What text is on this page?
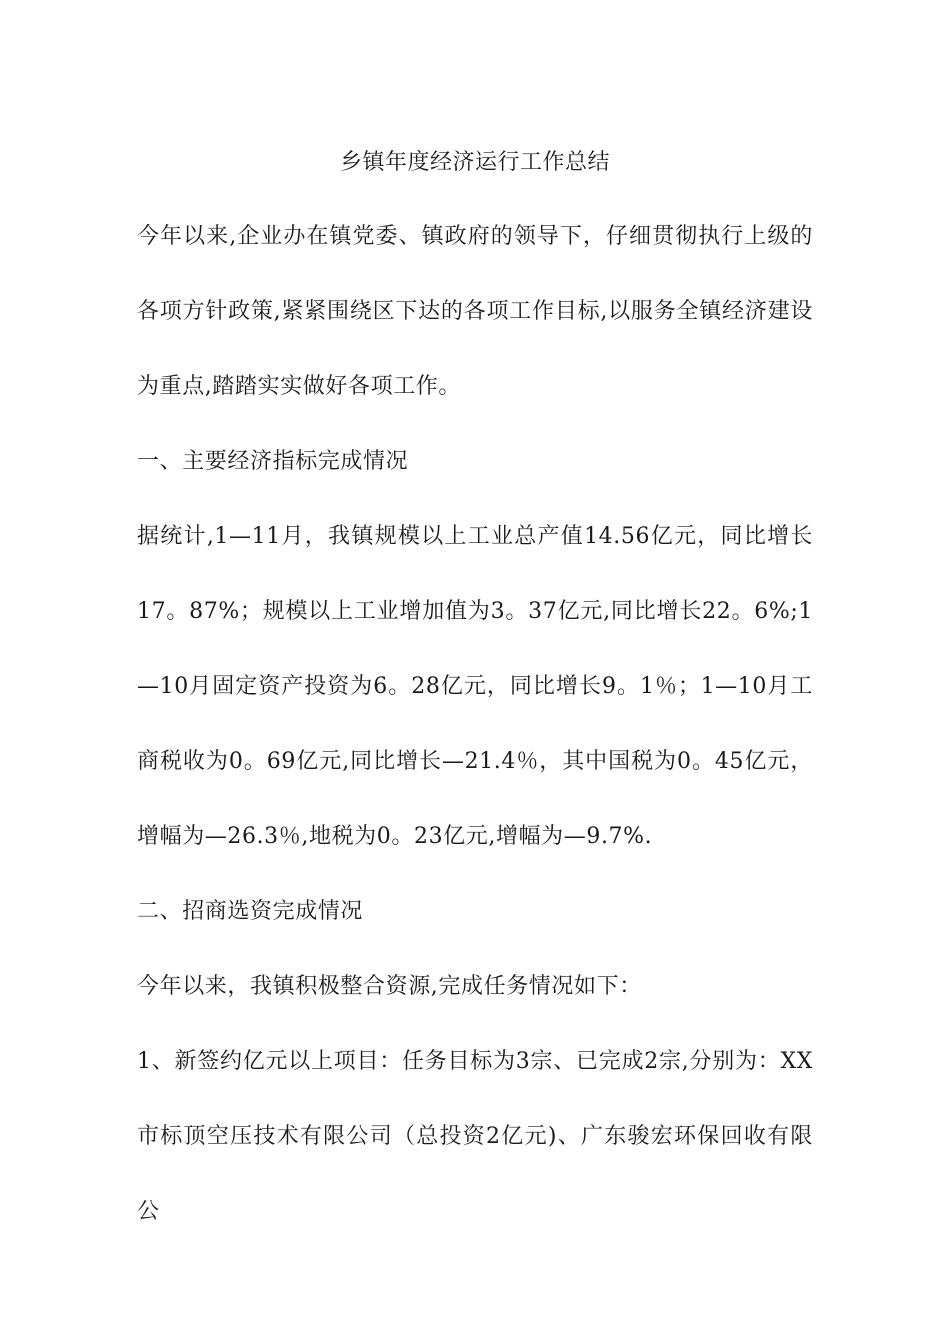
乡镇年度经济运行工作总结

今年以来,企业办在镇党委、镇政府的领导下，仔细贯彻执行上级的各项方针政策,紧紧围绕区下达的各项工作目标,以服务全镇经济建设为重点,踏踏实实做好各项工作。

一、主要经济指标完成情况

据统计,1—11月，我镇规模以上工业总产值14.56亿元，同比增长17。87%；规模以上工业增加值为3。37亿元,同比增长22。6%;1—10月固定资产投资为6。28亿元，同比增长9。1％；1—10月工商税收为0。69亿元,同比增长—21.4％，其中国税为0。45亿元，增幅为—26.3％,地税为0。23亿元,增幅为—9.7%.

二、招商选资完成情况

今年以来，我镇积极整合资源,完成任务情况如下：

1、新签约亿元以上项目：任务目标为3宗、已完成2宗,分别为：XX市标顶空压技术有限公司（总投资2亿元)、广东骏宏环保回收有限公
